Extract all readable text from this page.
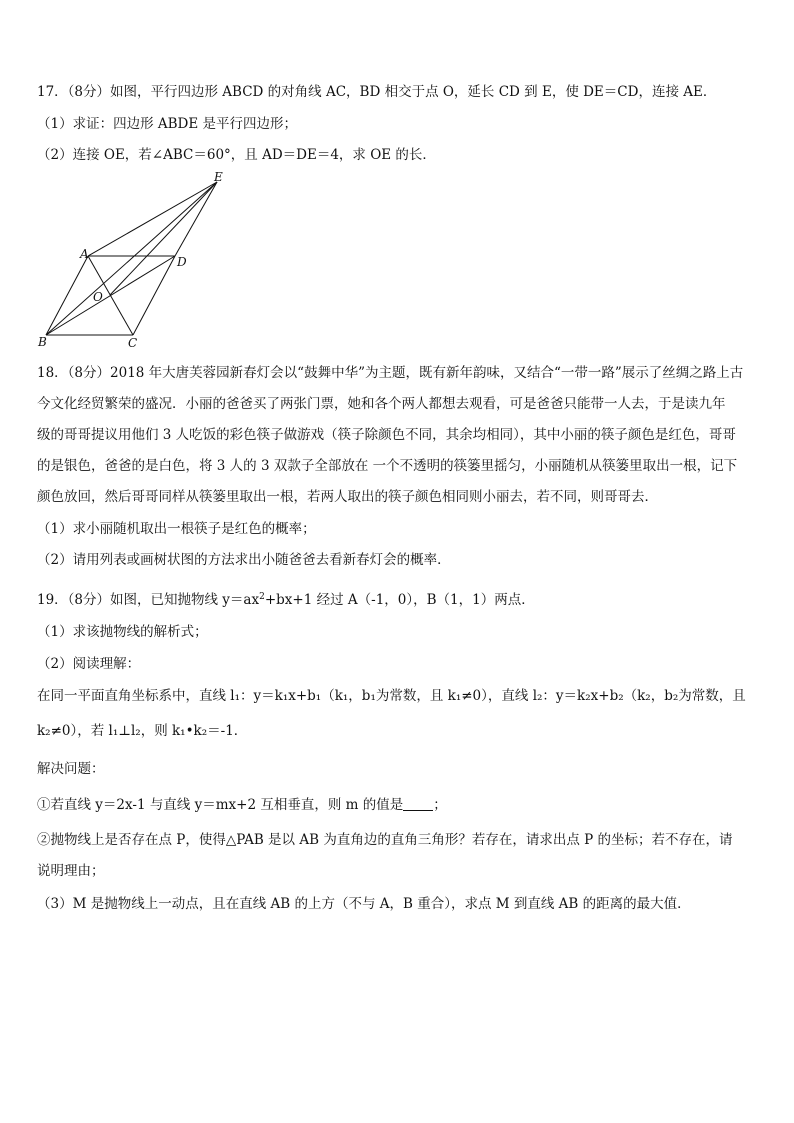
17．（8分）如图，平行四边形 ABCD 的对角线 AC，BD 相交于点 O，延长 CD 到 E，使 DE＝CD，连接 AE．
（1）求证：四边形 ABDE 是平行四边形；
（2）连接 OE，若∠ABC＝60°，且 AD＝DE＝4，求 OE 的长．
E
A
D
O
B	C
18．（8分）2018 年大唐芙蓉园新春灯会以“鼓舞中华”为主题，既有新年韵味，又结合“一带一路”展示了丝绸之路上古
今文化经贸繁荣的盛况．小丽的爸爸买了两张门票，她和各个两人都想去观看，可是爸爸只能带一人去，于是读九年
级的哥哥提议用他们 3 人吃饭的彩色筷子做游戏（筷子除颜色不同，其余均相同），其中小丽的筷子颜色是红色，哥哥
的是银色，爸爸的是白色，将 3 人的 3 双款子全部放在 一个不透明的筷篓里摇匀，小丽随机从筷篓里取出一根，记下
颜色放回，然后哥哥同样从筷篓里取出一根，若两人取出的筷子颜色相同则小丽去，若不同，则哥哥去．
（1）求小丽随机取出一根筷子是红色的概率；
（2）请用列表或画树状图的方法求出小随爸爸去看新春灯会的概率．
19．（8分）如图，已知抛物线 $y=ax^2+bx+1$ 经过 A（-1，0），B（1，1）两点．
（1）求该抛物线的解析式；
（2）阅读理解：
在同一平面直角坐标系中，直线 l₁：y＝k₁x+b₁（k₁，b₁为常数，且 k₁≠0），直线 l₂：y＝k₂x+b₂（k₂，b₂为常数，且
k₂≠0），若 l₁⊥l₂，则 k₁•k₂＝-1．
解决问题：
①若直线 y＝2x-1 与直线 y＝mx+2 互相垂直，则 m 的值是 ；
②抛物线上是否存在点 P，使得△PAB 是以 AB 为直角边的直角三角形？若存在，请求出点 P 的坐标；若不存在，请
说明理由；
（3）M 是抛物线上一动点，且在直线 AB 的上方（不与 A，B 重合），求点 M 到直线 AB 的距离的最大值．
